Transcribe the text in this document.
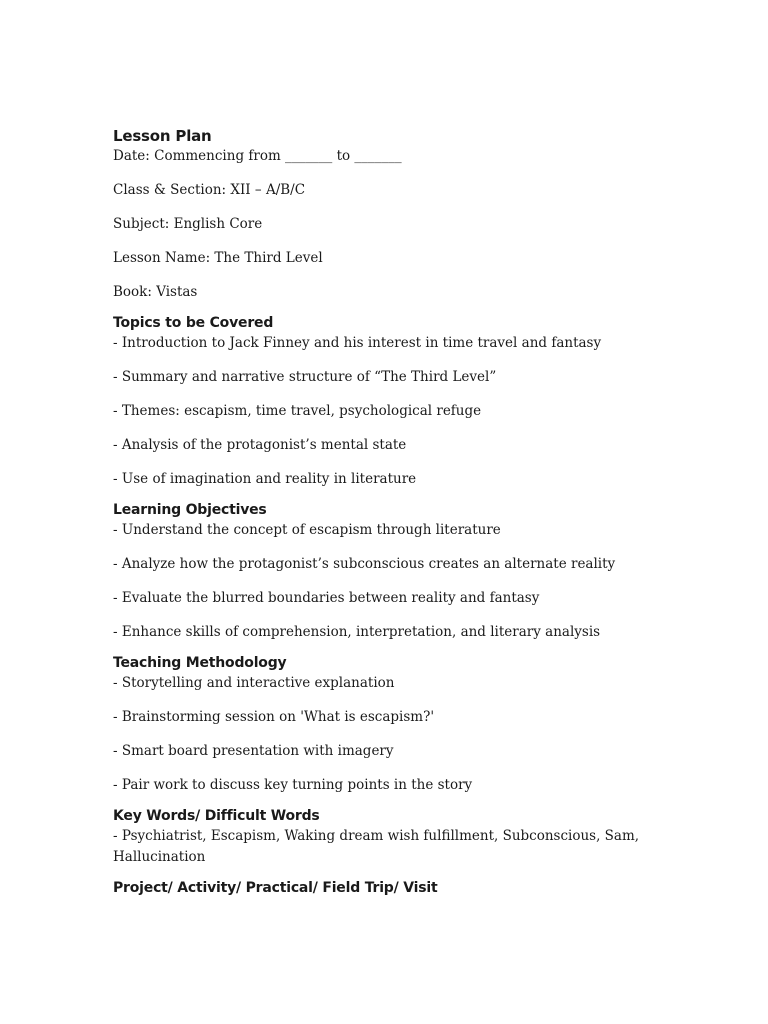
Lesson Plan

Date: Commencing from _______ to _______

Class & Section: XII – A/B/C

Subject: English Core

Lesson Name: The Third Level

Book: Vistas

Topics to be Covered

- Introduction to Jack Finney and his interest in time travel and fantasy

- Summary and narrative structure of “The Third Level”

- Themes: escapism, time travel, psychological refuge

- Analysis of the protagonist’s mental state

- Use of imagination and reality in literature

Learning Objectives

- Understand the concept of escapism through literature

- Analyze how the protagonist’s subconscious creates an alternate reality

- Evaluate the blurred boundaries between reality and fantasy

- Enhance skills of comprehension, interpretation, and literary analysis

Teaching Methodology

- Storytelling and interactive explanation

- Brainstorming session on 'What is escapism?'

- Smart board presentation with imagery

- Pair work to discuss key turning points in the story

Key Words/ Difficult Words

- Psychiatrist, Escapism, Waking dream wish fulfillment, Subconscious, Sam,

Hallucination

Project/ Activity/ Practical/ Field Trip/ Visit
